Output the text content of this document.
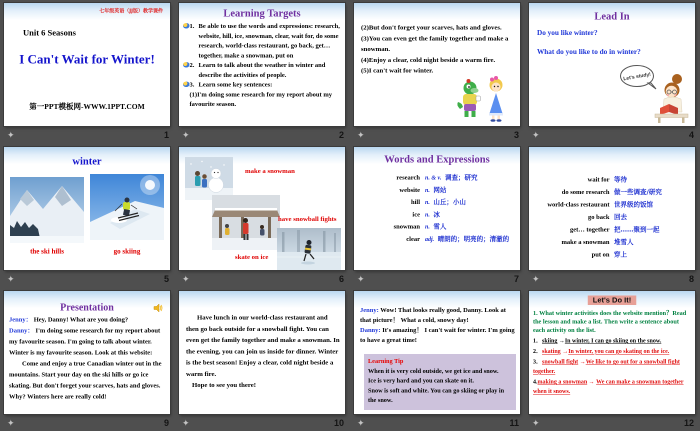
七年级英语（JJ版）教学课件
Unit 6 Seasons
I Can't Wait for Winter!
第一PPT模板网-WWW.1PPT.COM
✦	1
Learning Targets
1. Be able to use the words and expressions: research, website, hill, ice, snowman, clear, wait for, do some research, world-class restaurant, go back, get… together, make a snowman, put on
2. Learn to talk about the weather in winter and describe the activities of people.
3. Learn some key sentences:

(1)I'm doing some research for my report about my favourite season.

✦	2
(2)But don't forget your scarves, hats and gloves.
(3)You can even get the family together and make a snowman.
(4)Enjoy a clear, cold night beside a warm fire.
(5)I can't wait for winter.
✦	3
Lead In
Do you like winter?
What do you like to do in winter?
Let's study!
✦	4
winter
the ski hills	go skiing
✦	5
make a snowman
have snowball fights
skate on ice
✦	6
Words and Expressions
research n. & v. 调查；研究
website n. 网站
hill n. 山丘；小山
ice n. 冰
snowman n. 雪人
clear adj. 晴朗的；明亮的；清澈的
✦	7
wait for 等待
do some research 做一些调查/研究
world-class restaurant 世界级的饭馆
go back 回去
get… together 把……聚到一起
make a snowman 堆雪人
put on 穿上
✦	8
Presentation

Jenny： Hey, Danny! What are you doing?

Danny： I'm doing some research for my report about my favourite season. I'm going to talk about winter. Winter is my favourite season. Look at this website:

Come and enjoy a true Canadian winter out in the mountains. Start your day on the ski hills or go ice skating. But don't forget your scarves, hats and gloves. Why? Winters here are really cold!

✦	9

Have lunch in our world-class restaurant and then go back outside for a snowball fight. You can even get the family together and make a snowman. In the evening, you can join us inside for dinner. Winter is the best season! Enjoy a clear, cold night beside a warm fire.

Hope to see you there!

✦	10

Jenny: Wow! That looks really good, Danny. Look at that picture！ What a cold, snowy day!

Danny: It's amazing！ I can't wait for winter. I'm going to have a great time!

Learning Tip

When it is very cold outside, we get ice and snow.

Ice is very hard and you can skate on it.

Snow is soft and white. You can go skiing or play in the snow.

✦	11
Let's Do It!
1. What winter activities does the website mention？Read the lesson and make a list. Then write a sentence about each activity on the list.

1．skiing →In winter, I can go skiing on the snow.

2．skating →In winter, you can go skating on the ice.

3．snowball fight →We like to go out for a snowball fight together.

4.making a snowman → We can make a snowman together when it snows.

✦	12
